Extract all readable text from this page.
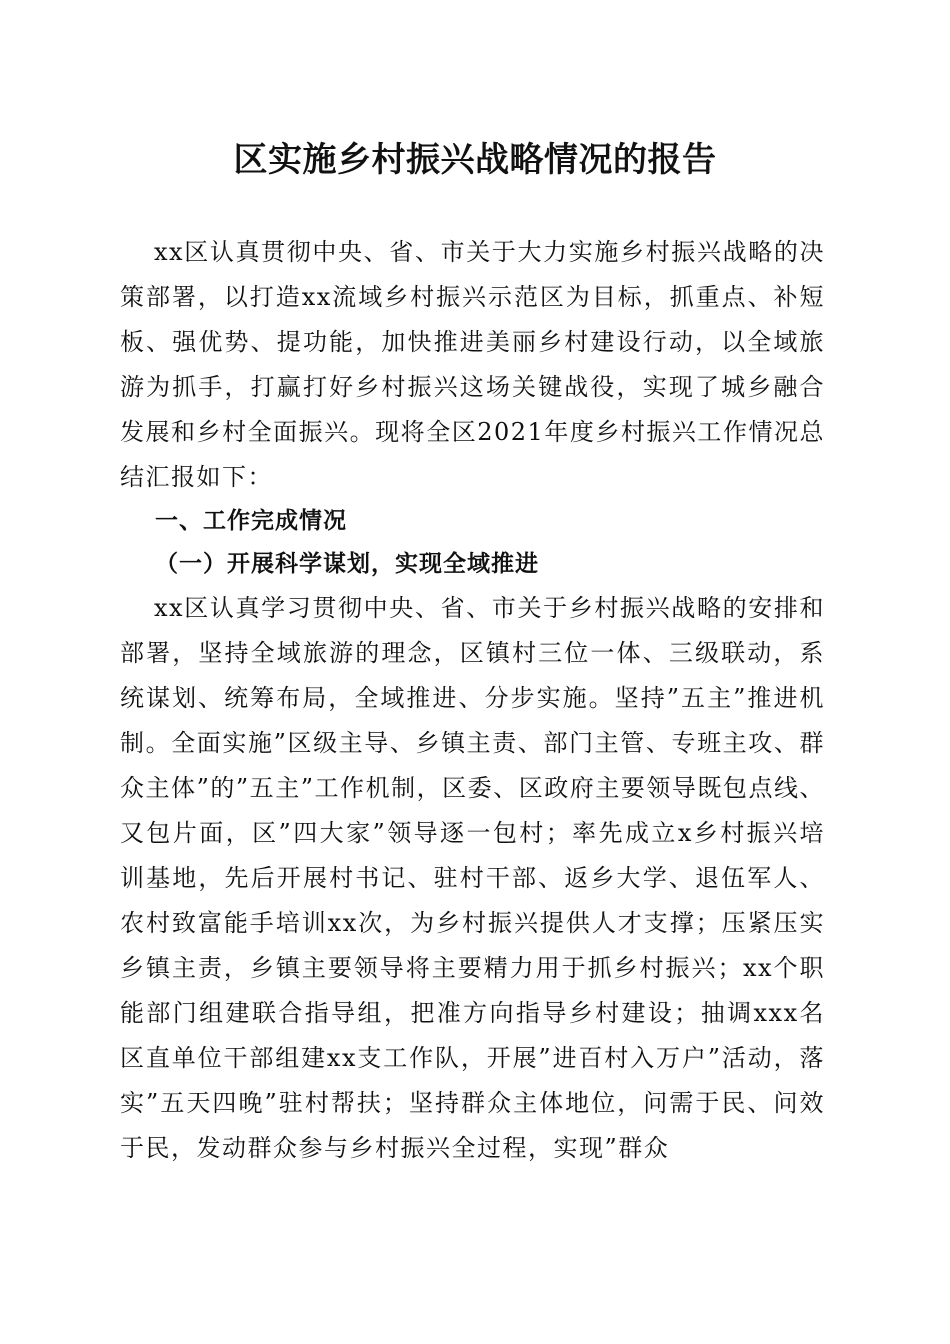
区实施乡村振兴战略情况的报告

xx区认真贯彻中央、省、市关于大力实施乡村振兴战略的决策部署，以打造xx流域乡村振兴示范区为目标，抓重点、补短板、强优势、提功能，加快推进美丽乡村建设行动，以全域旅游为抓手，打赢打好乡村振兴这场关键战役，实现了城乡融合发展和乡村全面振兴。现将全区2021年度乡村振兴工作情况总结汇报如下：

一、工作完成情况
（一）开展科学谋划，实现全域推进

xx区认真学习贯彻中央、省、市关于乡村振兴战略的安排和部署，坚持全域旅游的理念，区镇村三位一体、三级联动，系统谋划、统筹布局，全域推进、分步实施。坚持”五主”推进机制。全面实施”区级主导、乡镇主责、部门主管、专班主攻、群众主体”的”五主”工作机制，区委、区政府主要领导既包点线、又包片面，区”四大家”领导逐一包村；率先成立x乡村振兴培训基地，先后开展村书记、驻村干部、返乡大学、退伍军人、农村致富能手培训xx次，为乡村振兴提供人才支撑；压紧压实乡镇主责，乡镇主要领导将主要精力用于抓乡村振兴；xx个职能部门组建联合指导组，把准方向指导乡村建设；抽调xxx名区直单位干部组建xx支工作队，开展”进百村入万户”活动，落实”五天四晚”驻村帮扶；坚持群众主体地位，问需于民、问效于民，发动群众参与乡村振兴全过程，实现”群众
